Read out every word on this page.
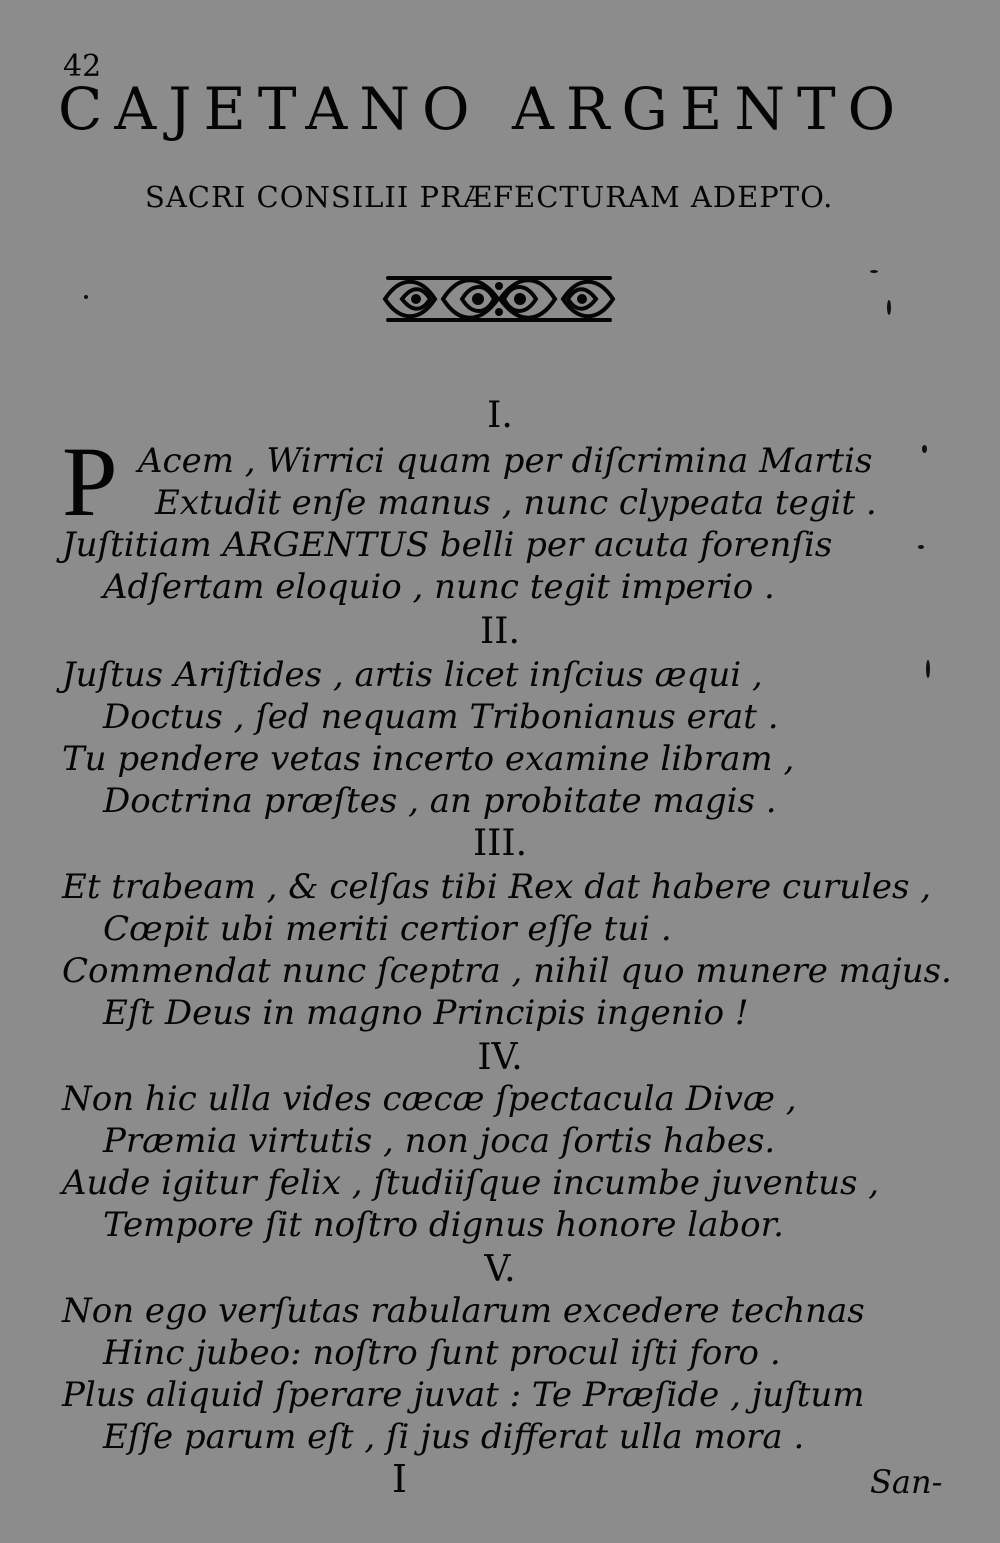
42
CAJETANO ARGENTO
SACRI CONSILII PRÆFECTURAM ADEPTO.
I.
P Acem , Wirrici quam per diſcrimina Martis
Extudit enſe manus , nunc clypeata tegit .
Juſtitiam ARGENTUS belli per acuta forenſis
Adſertam eloquio , nunc tegit imperio .
II.
Juſtus Ariſtides , artis licet inſcius æqui ,
Doctus , ſed nequam Tribonianus erat .
Tu pendere vetas incerto examine libram ,
Doctrina præſtes , an probitate magis .
III.
Et trabeam , & celſas tibi Rex dat habere curules ,
Cœpit ubi meriti certior eſſe tui .
Commendat nunc ſceptra , nihil quo munere majus.
Eſt Deus in magno Principis ingenio !
IV.
Non hic ulla vides cæcæ ſpectacula Divæ ,
Præmia virtutis , non joca ſortis habes.
Aude igitur felix , ſtudiiſque incumbe juventus ,
Tempore ſit noſtro dignus honore labor.
V.
Non ego verſutas rabularum excedere technas
Hinc jubeo: noſtro ſunt procul iſti foro .
Plus aliquid ſperare juvat : Te Præſide , juſtum
Eſſe parum eſt , ſi jus differat ulla mora .
I	San-
